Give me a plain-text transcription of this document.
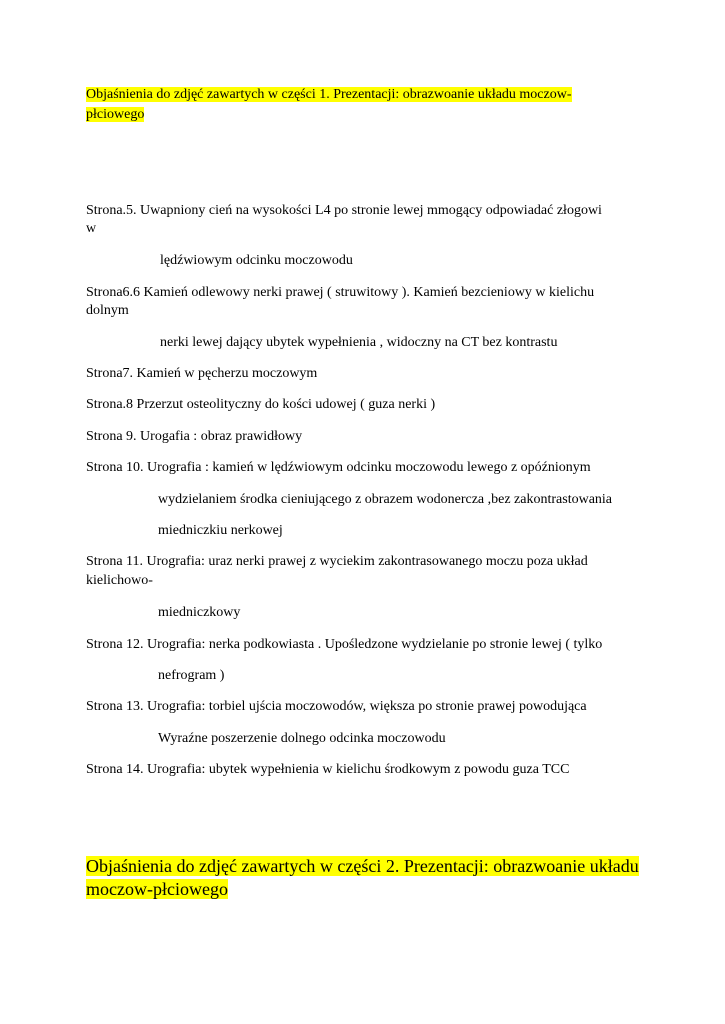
Objaśnienia do zdjęć zawartych w części 1. Prezentacji: obrazwoanie układu moczow-
płciowego
Strona.5. Uwapniony cień na wysokości L4 po stronie lewej mmogący odpowiadać złogowi
w
lędźwiowym odcinku moczowodu
Strona6.6 Kamień odlewowy nerki prawej ( struwitowy ). Kamień bezcieniowy w kielichu
dolnym
nerki lewej dający ubytek wypełnienia , widoczny na CT bez kontrastu
Strona7. Kamień w pęcherzu moczowym
Strona.8 Przerzut osteolityczny do kości udowej ( guza nerki )
Strona 9. Urogafia : obraz prawidłowy
Strona 10. Urografia : kamień w lędźwiowym odcinku moczowodu lewego z opóźnionym
wydzielaniem środka cieniującego z obrazem wodonercza ,bez zakontrastowania
miedniczkiu nerkowej
Strona 11. Urografia: uraz nerki prawej z wyciekim zakontrasowanego moczu poza układ
kielichowo-
miedniczkowy
Strona 12. Urografia: nerka podkowiasta . Upośledzone wydzielanie po stronie lewej ( tylko
nefrogram )
Strona 13. Urografia: torbiel ujścia moczowodów, większa po stronie prawej powodująca
Wyraźne poszerzenie dolnego odcinka moczowodu
Strona 14. Urografia: ubytek wypełnienia w kielichu środkowym z powodu guza TCC
Objaśnienia do zdjęć zawartych w części 2. Prezentacji: obrazwoanie układu
moczow-płciowego
